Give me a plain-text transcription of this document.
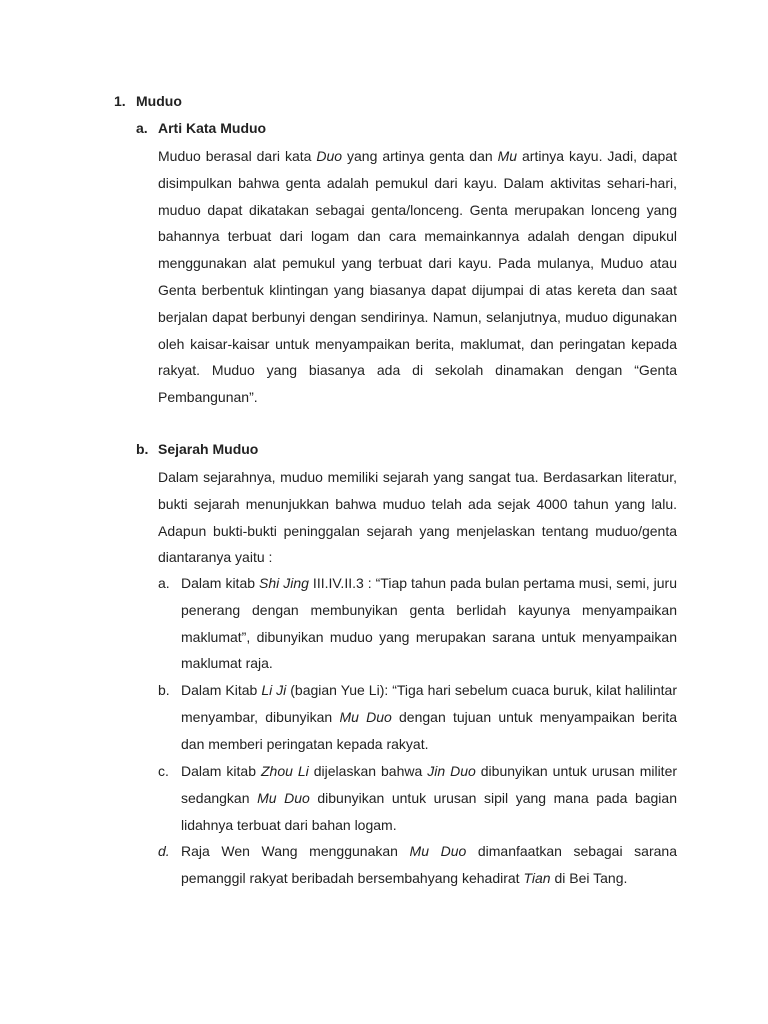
1. Muduo
a. Arti Kata Muduo

Muduo berasal dari kata Duo yang artinya genta dan Mu artinya kayu. Jadi, dapat disimpulkan bahwa genta adalah pemukul dari kayu. Dalam aktivitas sehari-hari, muduo dapat dikatakan sebagai genta/lonceng. Genta merupakan lonceng yang bahannya terbuat dari logam dan cara memainkannya adalah dengan dipukul menggunakan alat pemukul yang terbuat dari kayu. Pada mulanya, Muduo atau Genta berbentuk klintingan yang biasanya dapat dijumpai di atas kereta dan saat berjalan dapat berbunyi dengan sendirinya. Namun, selanjutnya, muduo digunakan oleh kaisar-kaisar untuk menyampaikan berita, maklumat, dan peringatan kepada rakyat. Muduo yang biasanya ada di sekolah dinamakan dengan “Genta Pembangunan”.

b. Sejarah Muduo

Dalam sejarahnya, muduo memiliki sejarah yang sangat tua. Berdasarkan literatur, bukti sejarah menunjukkan bahwa muduo telah ada sejak 4000 tahun yang lalu. Adapun bukti-bukti peninggalan sejarah yang menjelaskan tentang muduo/genta diantaranya yaitu :

a. Dalam kitab Shi Jing III.IV.II.3 : “Tiap tahun pada bulan pertama musi, semi, juru penerang dengan membunyikan genta berlidah kayunya menyampaikan maklumat”, dibunyikan muduo yang merupakan sarana untuk menyampaikan maklumat raja.

b. Dalam Kitab Li Ji (bagian Yue Li): “Tiga hari sebelum cuaca buruk, kilat halilintar menyambar, dibunyikan Mu Duo dengan tujuan untuk menyampaikan berita dan memberi peringatan kepada rakyat.

c. Dalam kitab Zhou Li dijelaskan bahwa Jin Duo dibunyikan untuk urusan militer sedangkan Mu Duo dibunyikan untuk urusan sipil yang mana pada bagian lidahnya terbuat dari bahan logam.

d. Raja Wen Wang menggunakan Mu Duo dimanfaatkan sebagai sarana pemanggil rakyat beribadah bersembahyang kehadirat Tian di Bei Tang.
